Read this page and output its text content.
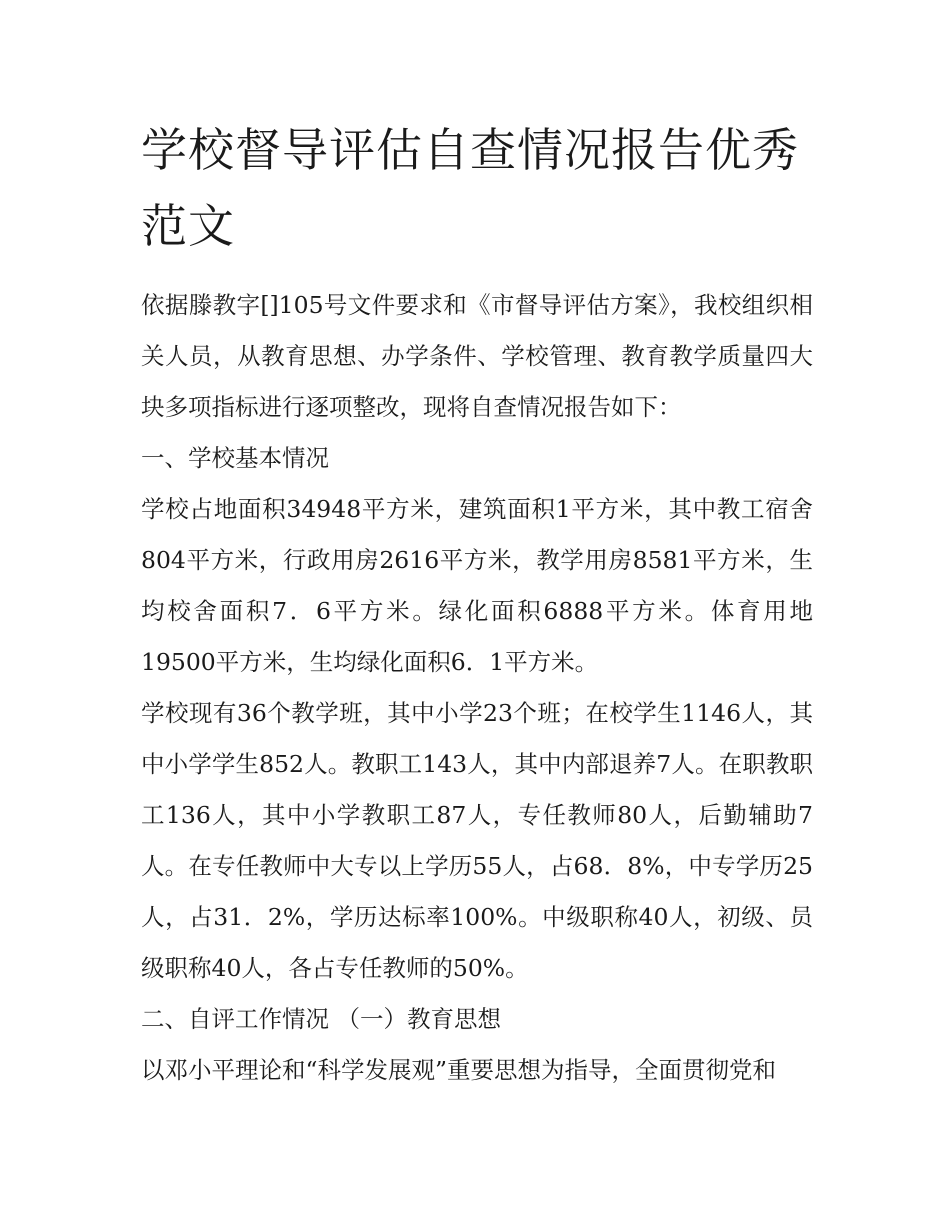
学校督导评估自查情况报告优秀范文

依据滕教字[]105号文件要求和《市督导评估方案》，我校组织相关人员，从教育思想、办学条件、学校管理、教育教学质量四大块多项指标进行逐项整改，现将自查情况报告如下：

一、学校基本情况

学校占地面积34948平方米，建筑面积1平方米，其中教工宿舍804平方米，行政用房2616平方米，教学用房8581平方米，生均校舍面积7．6平方米。绿化面积6888平方米。体育用地19500平方米，生均绿化面积6．1平方米。

学校现有36个教学班，其中小学23个班；在校学生1146人，其中小学学生852人。教职工143人，其中内部退养7人。在职教职工136人，其中小学教职工87人，专任教师80人，后勤辅助7人。在专任教师中大专以上学历55人，占68．8%，中专学历25人，占31．2%，学历达标率100%。中级职称40人，初级、员级职称40人，各占专任教师的50%。

二、自评工作情况 （一）教育思想

以邓小平理论和“科学发展观”重要思想为指导，全面贯彻党和
